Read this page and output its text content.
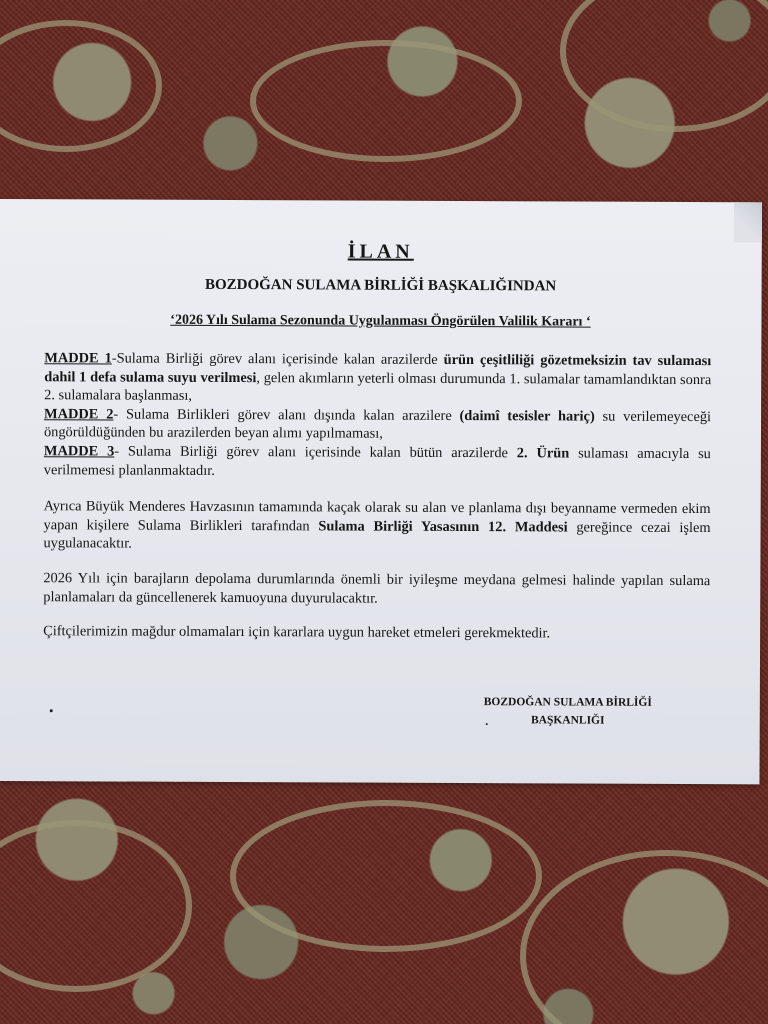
İLAN
BOZDOĞAN SULAMA BİRLİĞİ BAŞKALIĞINDAN
‘2026 Yılı Sulama Sezonunda Uygulanması Öngörülen Valilik Kararı ‘

MADDE 1-Sulama Birliği görev alanı içerisinde kalan arazilerde ürün çeşitliliği gözetmeksizin tav sulaması dahil 1 defa sulama suyu verilmesi, gelen akımların yeterli olması durumunda 1. sulamalar tamamlandıktan sonra 2. sulamalara başlanması,

MADDE 2- Sulama Birlikleri görev alanı dışında kalan arazilere (daimî tesisler hariç) su verilemeyeceği öngörüldüğünden bu arazilerden beyan alımı yapılmaması,

MADDE 3- Sulama Birliği görev alanı içerisinde kalan bütün arazilerde 2. Ürün sulaması amacıyla su verilmemesi planlanmaktadır.

Ayrıca Büyük Menderes Havzasının tamamında kaçak olarak su alan ve planlama dışı beyanname vermeden ekim yapan kişilere Sulama Birlikleri tarafından Sulama Birliği Yasasının 12. Maddesi gereğince cezai işlem uygulanacaktır.

2026 Yılı için barajların depolama durumlarında önemli bir iyileşme meydana gelmesi halinde yapılan sulama planlamaları da güncellenerek kamuoyuna duyurulacaktır.

Çiftçilerimizin mağdur olmamaları için kararlara uygun hareket etmeleri gerekmektedir.

BOZDOĞAN SULAMA BİRLİĞİ
BAŞKANLIĞI
